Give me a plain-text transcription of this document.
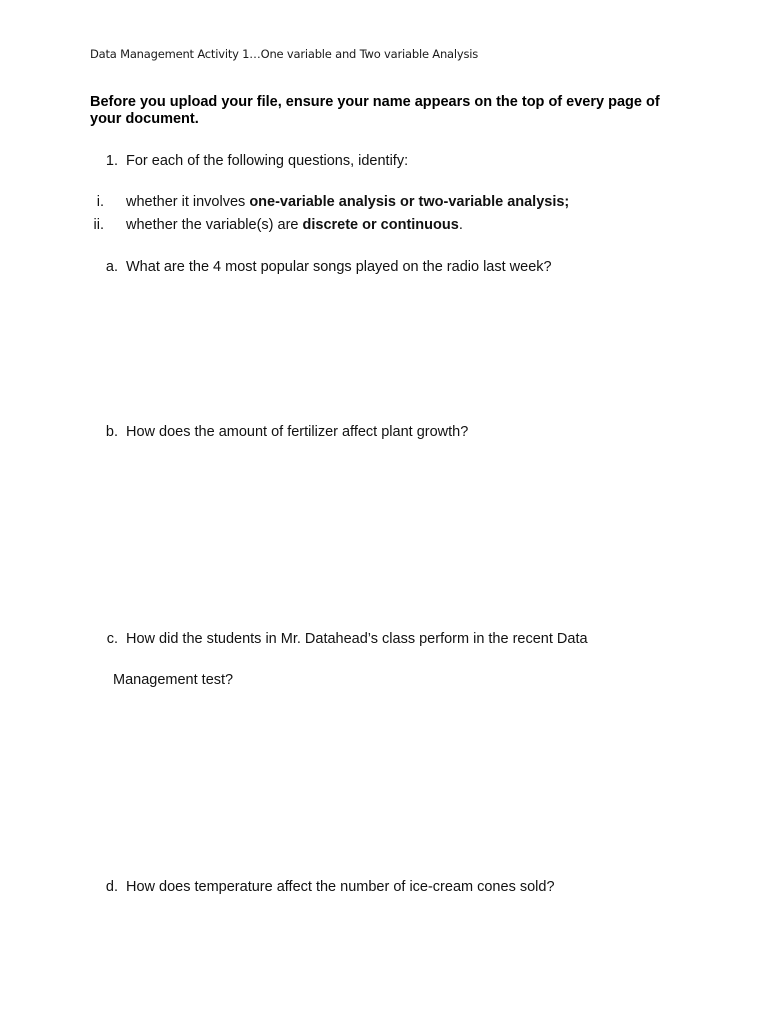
Data Management Activity 1…One variable and Two variable Analysis
Before you upload your file, ensure your name appears on the top of every page of your document.
1. For each of the following questions, identify:
i. whether it involves one-variable analysis or two-variable analysis;
ii. whether the variable(s) are discrete or continuous.
a. What are the 4 most popular songs played on the radio last week?
b. How does the amount of fertilizer affect plant growth?
c. How did the students in Mr. Datahead’s class perform in the recent Data
Management test?
d. How does temperature affect the number of ice-cream cones sold?
